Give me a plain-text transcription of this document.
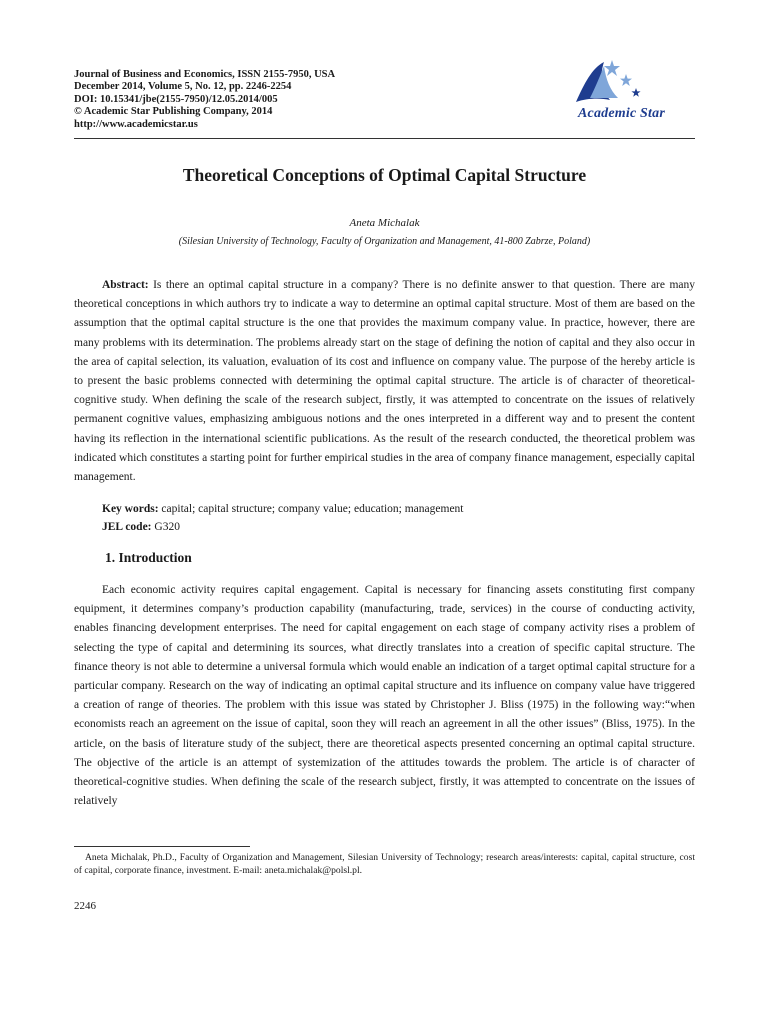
Journal of Business and Economics, ISSN 2155-7950, USA
December 2014, Volume 5, No. 12, pp. 2246-2254
DOI: 10.15341/jbe(2155-7950)/12.05.2014/005
© Academic Star Publishing Company, 2014
http://www.academicstar.us
Academic Star
Theoretical Conceptions of Optimal Capital Structure
Aneta Michalak
(Silesian University of Technology, Faculty of Organization and Management, 41-800 Zabrze, Poland)

Abstract: Is there an optimal capital structure in a company? There is no definite answer to that question. There are many theoretical conceptions in which authors try to indicate a way to determine an optimal capital structure. Most of them are based on the assumption that the optimal capital structure is the one that provides the maximum company value. In practice, however, there are many problems with its determination. The problems already start on the stage of defining the notion of capital and they also occur in the area of capital selection, its valuation, evaluation of its cost and influence on company value. The purpose of the hereby article is to present the basic problems connected with determining the optimal capital structure. The article is of character of theoretical-cognitive study. When defining the scale of the research subject, firstly, it was attempted to concentrate on the issues of relatively permanent cognitive values, emphasizing ambiguous notions and the ones interpreted in a different way and to present the content having its reflection in the international scientific publications. As the result of the research conducted, the theoretical problem was indicated which constitutes a starting point for further empirical studies in the area of company finance management, especially capital management.

Key words: capital; capital structure; company value; education; management
JEL code: G320
1. Introduction

Each economic activity requires capital engagement. Capital is necessary for financing assets constituting first company equipment, it determines company’s production capability (manufacturing, trade, services) in the course of conducting activity, enables financing development enterprises. The need for capital engagement on each stage of company activity rises a problem of selecting the type of capital and determining its sources, what directly translates into a creation of specific capital structure. The finance theory is not able to determine a universal formula which would enable an indication of a target optimal capital structure for a particular company. Research on the way of indicating an optimal capital structure and its influence on company value have triggered a creation of range of theories. The problem with this issue was stated by Christopher J. Bliss (1975) in the following way:“when economists reach an agreement on the issue of capital, soon they will reach an agreement in all the other issues” (Bliss, 1975). In the article, on the basis of literature study of the subject, there are theoretical aspects presented concerning an optimal capital structure. The objective of the article is an attempt of systemization of the attitudes towards the problem. The article is of character of theoretical-cognitive studies. When defining the scale of the research subject, firstly, it was attempted to concentrate on the issues of relatively

Aneta Michalak, Ph.D., Faculty of Organization and Management, Silesian University of Technology; research areas/interests: capital, capital structure, cost of capital, corporate finance, investment. E-mail: aneta.michalak@polsl.pl.

2246
